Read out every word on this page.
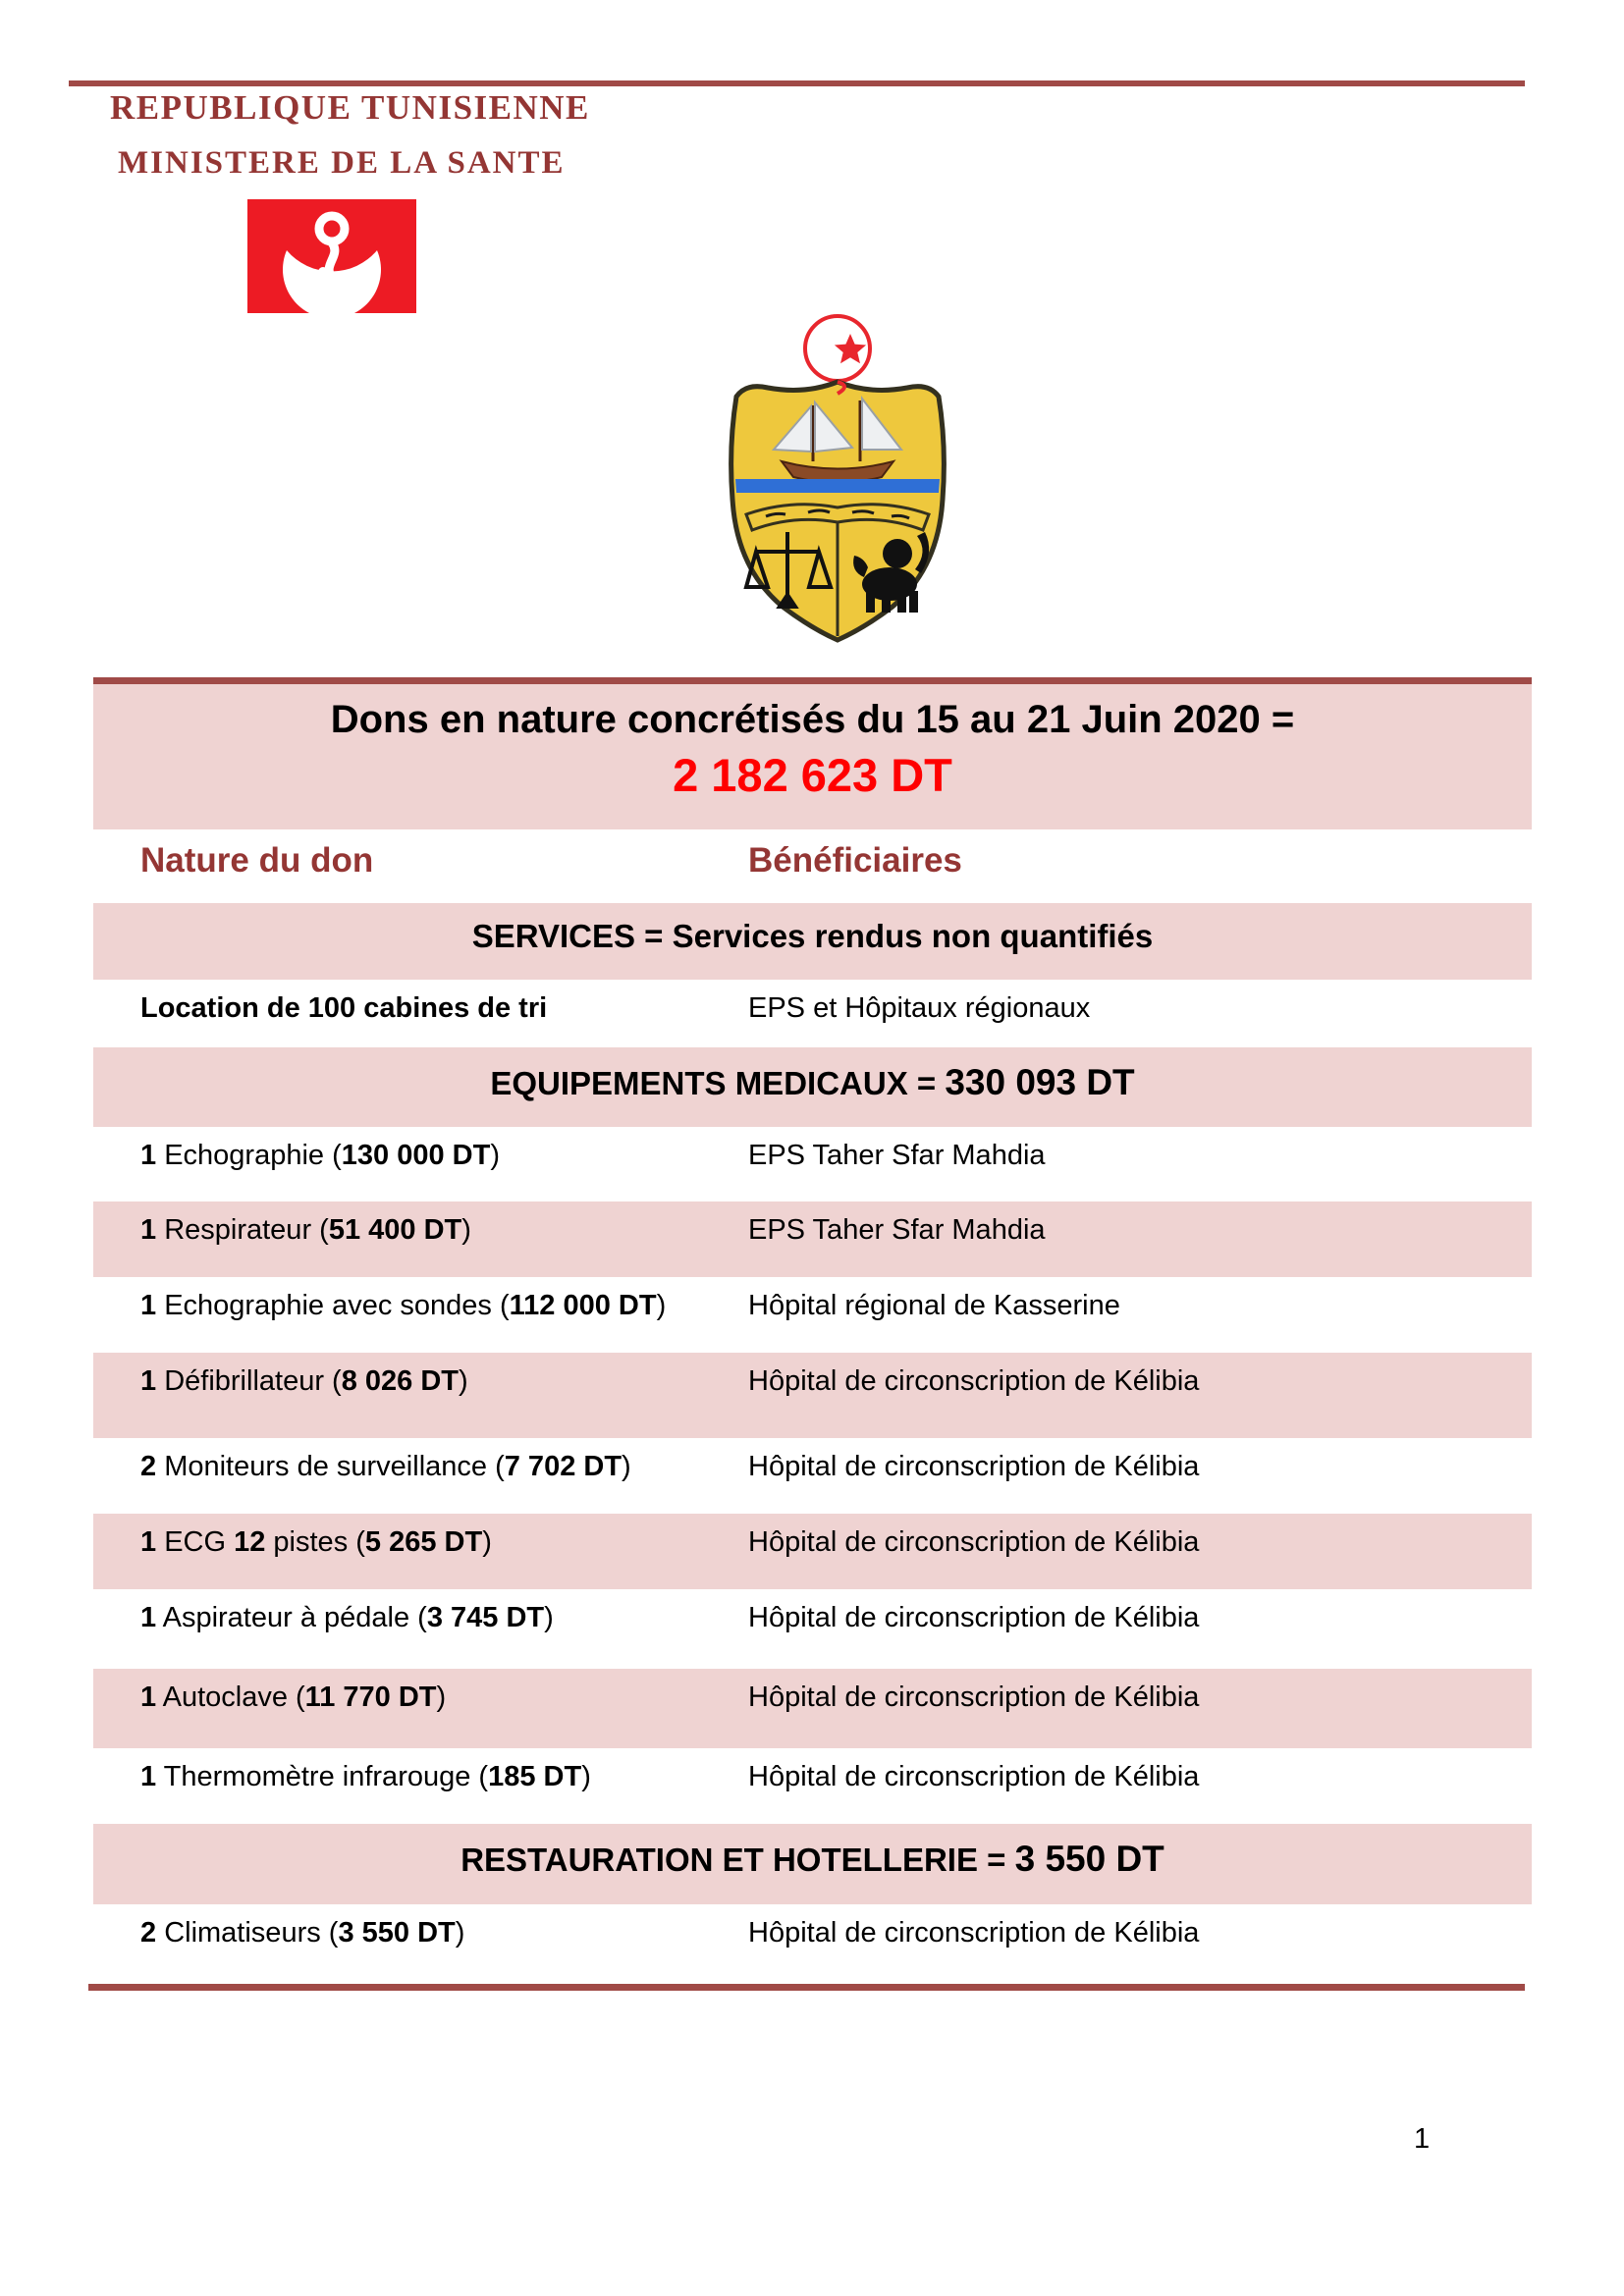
REPUBLIQUE TUNISIENNE
MINISTERE DE LA SANTE
Dons en nature concrétisés du 15 au 21 Juin 2020 =
2 182 623 DT
Nature du don	Bénéficiaires
SERVICES = Services rendus non quantifiés
Location de 100 cabines de tri	EPS et Hôpitaux régionaux
EQUIPEMENTS MEDICAUX = 330 093 DT
1 Echographie (130 000 DT)	EPS Taher Sfar Mahdia
1 Respirateur (51 400 DT)	EPS Taher Sfar Mahdia
1 Echographie avec sondes (112 000 DT)	Hôpital régional de Kasserine
1 Défibrillateur (8 026 DT)	Hôpital de circonscription de Kélibia
2 Moniteurs de surveillance (7 702 DT)	Hôpital de circonscription de Kélibia
1 ECG 12 pistes (5 265 DT)	Hôpital de circonscription de Kélibia
1 Aspirateur à pédale (3 745 DT)	Hôpital de circonscription de Kélibia
1 Autoclave (11 770 DT)	Hôpital de circonscription de Kélibia
1 Thermomètre infrarouge (185 DT)	Hôpital de circonscription de Kélibia
RESTAURATION ET HOTELLERIE = 3 550 DT
2 Climatiseurs (3 550 DT)	Hôpital de circonscription de Kélibia
1
